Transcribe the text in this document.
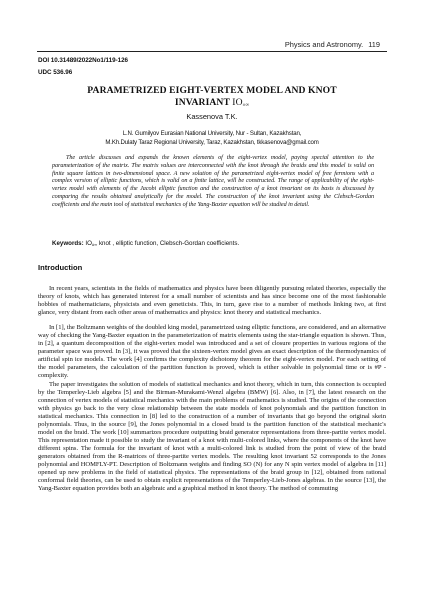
Physics and Astronomy. 119
DOI 10.31489/2022No1/119-126
UDC 536.96
PARAMETRIZED EIGHT-VERTEX MODEL AND KNOT
INVARIANT $IO_{\pm\infty}$
Kassenova T.K.
L.N. Gumilyov Eurasian National University, Nur - Sultan, Kazakhstan,
M.Kh.Dulaty Taraz Regional University, Taraz, Kazakhstan, tkkasenova@gmail.com
The article discusses and expands the known elements of the eight-vertex model, paying special attention to the parameterization of the matrix. The matrix values are interconnected with the knot through the braids and this model is valid on finite square lattices in two-dimensional space. A new solution of the parametrized eight-vertex model of free fermions with a complex version of elliptic functions, which is valid on a finite lattice, will be constructed. The range of applicability of the eight-vertex model with elements of the Jacobi elliptic function and the construction of a knot invariant on its basis is discussed by comparing the results obtained analytically for the model. The construction of the knot invariant using the Clebsch-Gordan coefficients and the main tool of statistical mechanics of the Yang-Baxter equation will be studied in detail.
Keywords: $IO_{\pm\infty}$ knot , elliptic function, Clebsch-Gordan coefficients.
Introduction

In recent years, scientists in the fields of mathematics and physics have been diligently pursuing related theories, especially the theory of knots, which has generated interest for a small number of scientists and has since become one of the most fashionable hobbies of mathematicians, physicists and even geneticists. This, in turn, gave rise to a number of methods linking two, at first glance, very distant from each other areas of mathematics and physics: knot theory and statistical mechanics.

In [1], the Boltzmann weights of the doubled king model, parametrized using elliptic functions, are considered, and an alternative way of checking the Yang-Baxter equation in the parameterization of matrix elements using the star-triangle equation is shown. Thus, in [2], a quantum decomposition of the eight-vertex model was introduced and a set of closure properties in various regions of the parameter space was proved. In [3], it was proved that the sixteen-vertex model gives an exact description of the thermodynamics of artificial spin ice models. The work [4] confirms the complexity dichotomy theorem for the eight-vertex model. For each setting of the model parameters, the calculation of the partition function is proved, which is either solvable in polynomial time or is #P - complexity.

The paper investigates the solution of models of statistical mechanics and knot theory, which in turn, this connection is occupied by the Temperley-Lieb algebra [5] and the Birman-Murakami-Wenzl algebra (BMW) [6]. Also, in [7], the latest research on the connection of vertex models of statistical mechanics with the main problems of mathematics is studied. The origins of the connection with physics go back to the very close relationship between the state models of knot polynomials and the partition function in statistical mechanics. This connection in [8] led to the construction of a number of invariants that go beyond the original skein polynomials. Thus, in the source [9], the Jones polynomial in a closed braid is the partition function of the statistical mechanic's model on the braid. The work [10] summarizes procedure outputting braid generator representations from three-partite vertex model. This representation made it possible to study the invariant of a knot with multi-colored links, where the components of the knot have different spins. The formula for the invariant of knot with a multi-colored link is studied from the point of view of the braid generators obtained from the R-matrices of three-partite vertex models. The resulting knot invariant 52 corresponds to the Jones polynomial and HOMFLY-PT. Description of Boltzmann weights and finding SO (N) for any N spin vertex model of algebra in [11] opened up new problems in the field of statistical physics. The representations of the braid group in [12], obtained from rational conformal field theories, can be used to obtain explicit representations of the Temperley-Lieb-Jones algebras. In the source [13], the Yang-Baxter equation provides both an algebraic and a graphical method in knot theory. The method of commuting
